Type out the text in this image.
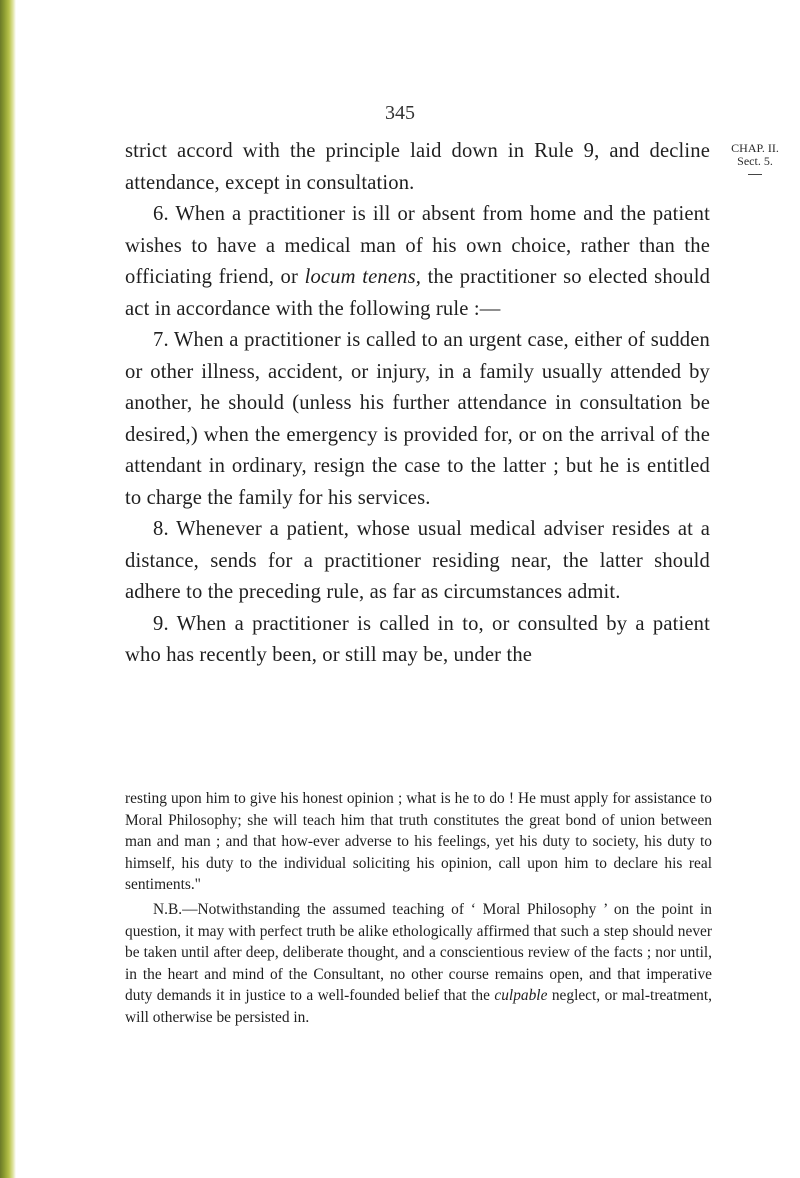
345
CHAP. II.
Sect. 5.

strict accord with the principle laid down in Rule 9, and decline attendance, except in consultation.

6. When a practitioner is ill or absent from home and the patient wishes to have a medical man of his own choice, rather than the officiating friend, or locum tenens, the practitioner so elected should act in accordance with the following rule :—

7. When a practitioner is called to an urgent case, either of sudden or other illness, accident, or injury, in a family usually attended by another, he should (unless his further attendance in consultation be desired,) when the emergency is provided for, or on the arrival of the attendant in ordinary, resign the case to the latter ; but he is entitled to charge the family for his services.

8. Whenever a patient, whose usual medical adviser resides at a distance, sends for a practitioner residing near, the latter should adhere to the preceding rule, as far as circumstances admit.

9. When a practitioner is called in to, or consulted by a patient who has recently been, or still may be, under the

resting upon him to give his honest opinion ; what is he to do ! He must apply for assistance to Moral Philosophy; she will teach him that truth constitutes the great bond of union between man and man ; and that how-ever adverse to his feelings, yet his duty to society, his duty to himself, his duty to the individual soliciting his opinion, call upon him to declare his real sentiments."

N.B.—Notwithstanding the assumed teaching of ‘ Moral Philosophy ’ on the point in question, it may with perfect truth be alike ethologically affirmed that such a step should never be taken until after deep, deliberate thought, and a conscientious review of the facts ; nor until, in the heart and mind of the Consultant, no other course remains open, and that imperative duty demands it in justice to a well-founded belief that the culpable neglect, or mal-treatment, will otherwise be persisted in.
